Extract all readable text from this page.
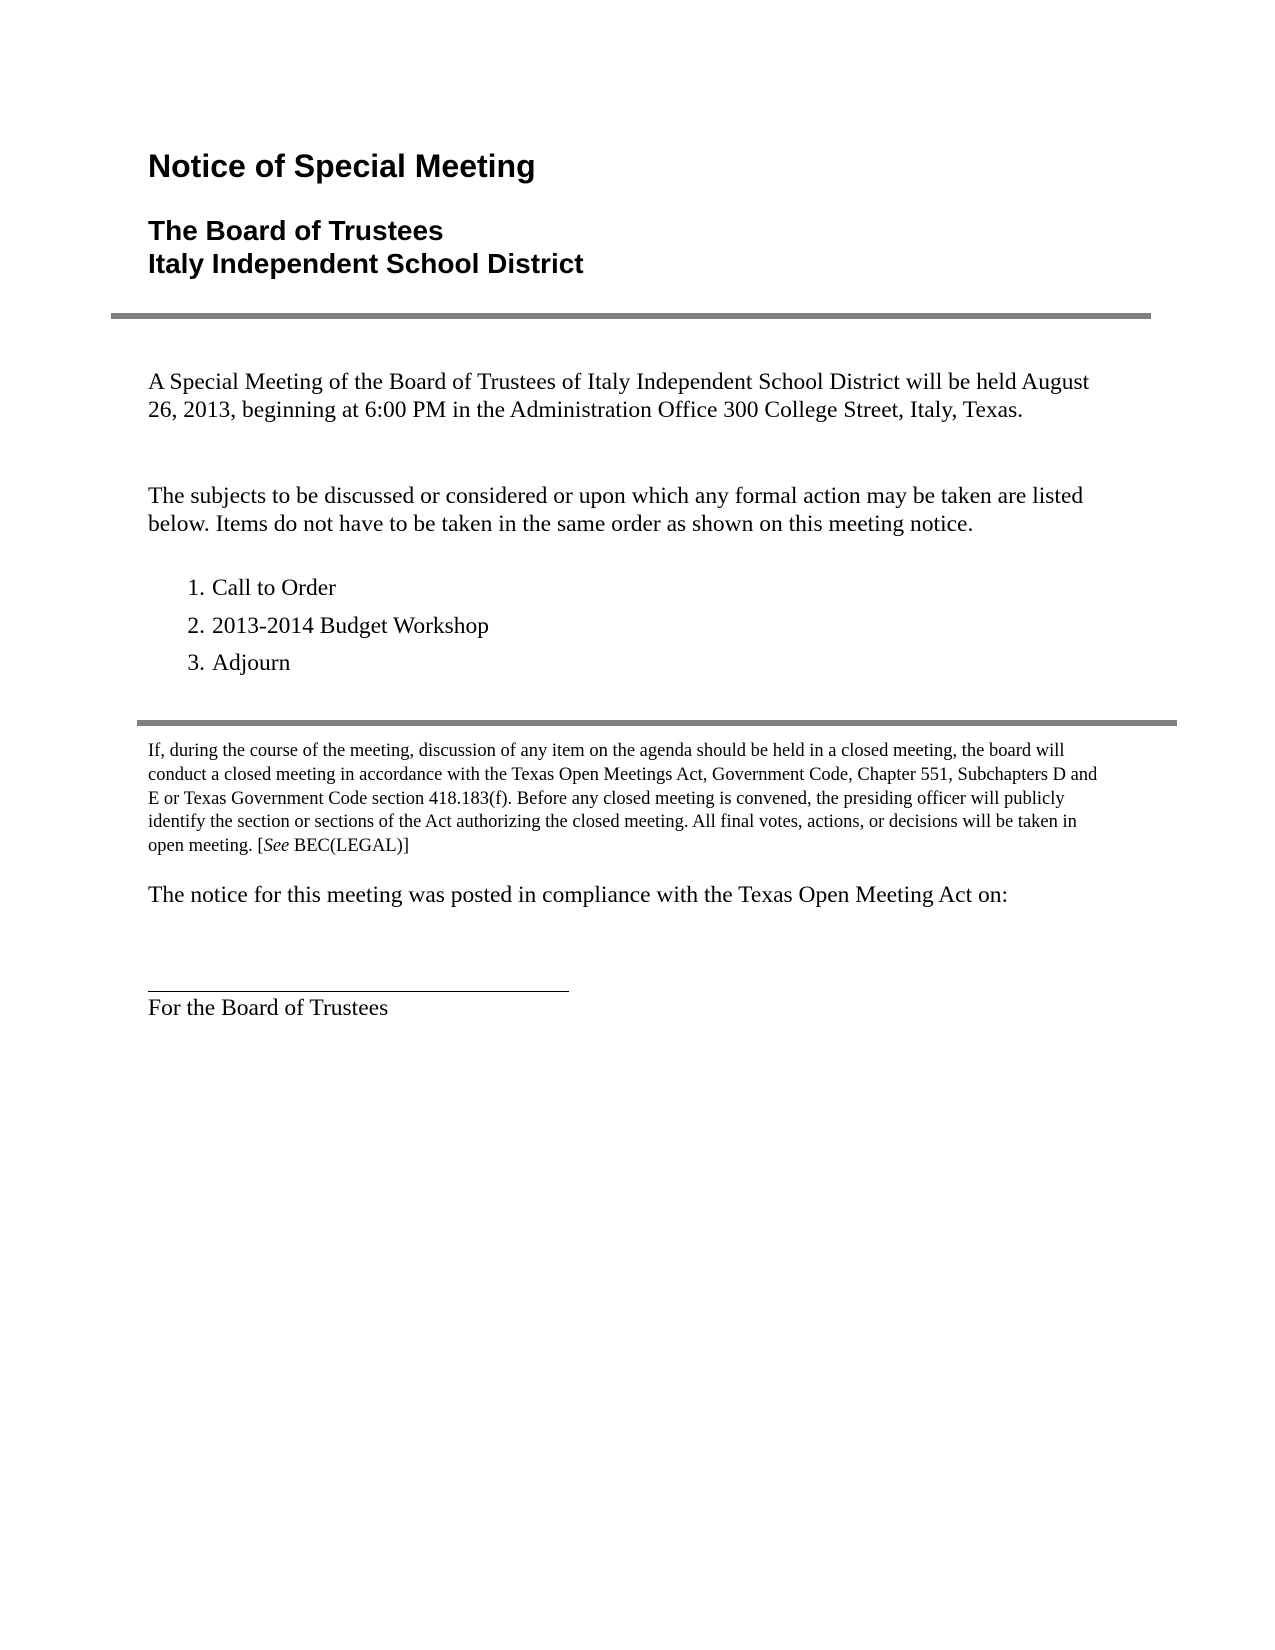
Notice of Special Meeting
The Board of Trustees
Italy Independent School District

A Special Meeting of the Board of Trustees of Italy Independent School District will be held August 26, 2013, beginning at 6:00 PM in the Administration Office 300 College Street, Italy, Texas.

The subjects to be discussed or considered or upon which any formal action may be taken are listed below. Items do not have to be taken in the same order as shown on this meeting notice.

1. Call to Order
2. 2013-2014 Budget Workshop
3. Adjourn

If, during the course of the meeting, discussion of any item on the agenda should be held in a closed meeting, the board will conduct a closed meeting in accordance with the Texas Open Meetings Act, Government Code, Chapter 551, Subchapters D and E or Texas Government Code section 418.183(f). Before any closed meeting is convened, the presiding officer will publicly identify the section or sections of the Act authorizing the closed meeting. All final votes, actions, or decisions will be taken in open meeting. [See BEC(LEGAL)]

The notice for this meeting was posted in compliance with the Texas Open Meeting Act on:

For the Board of Trustees
